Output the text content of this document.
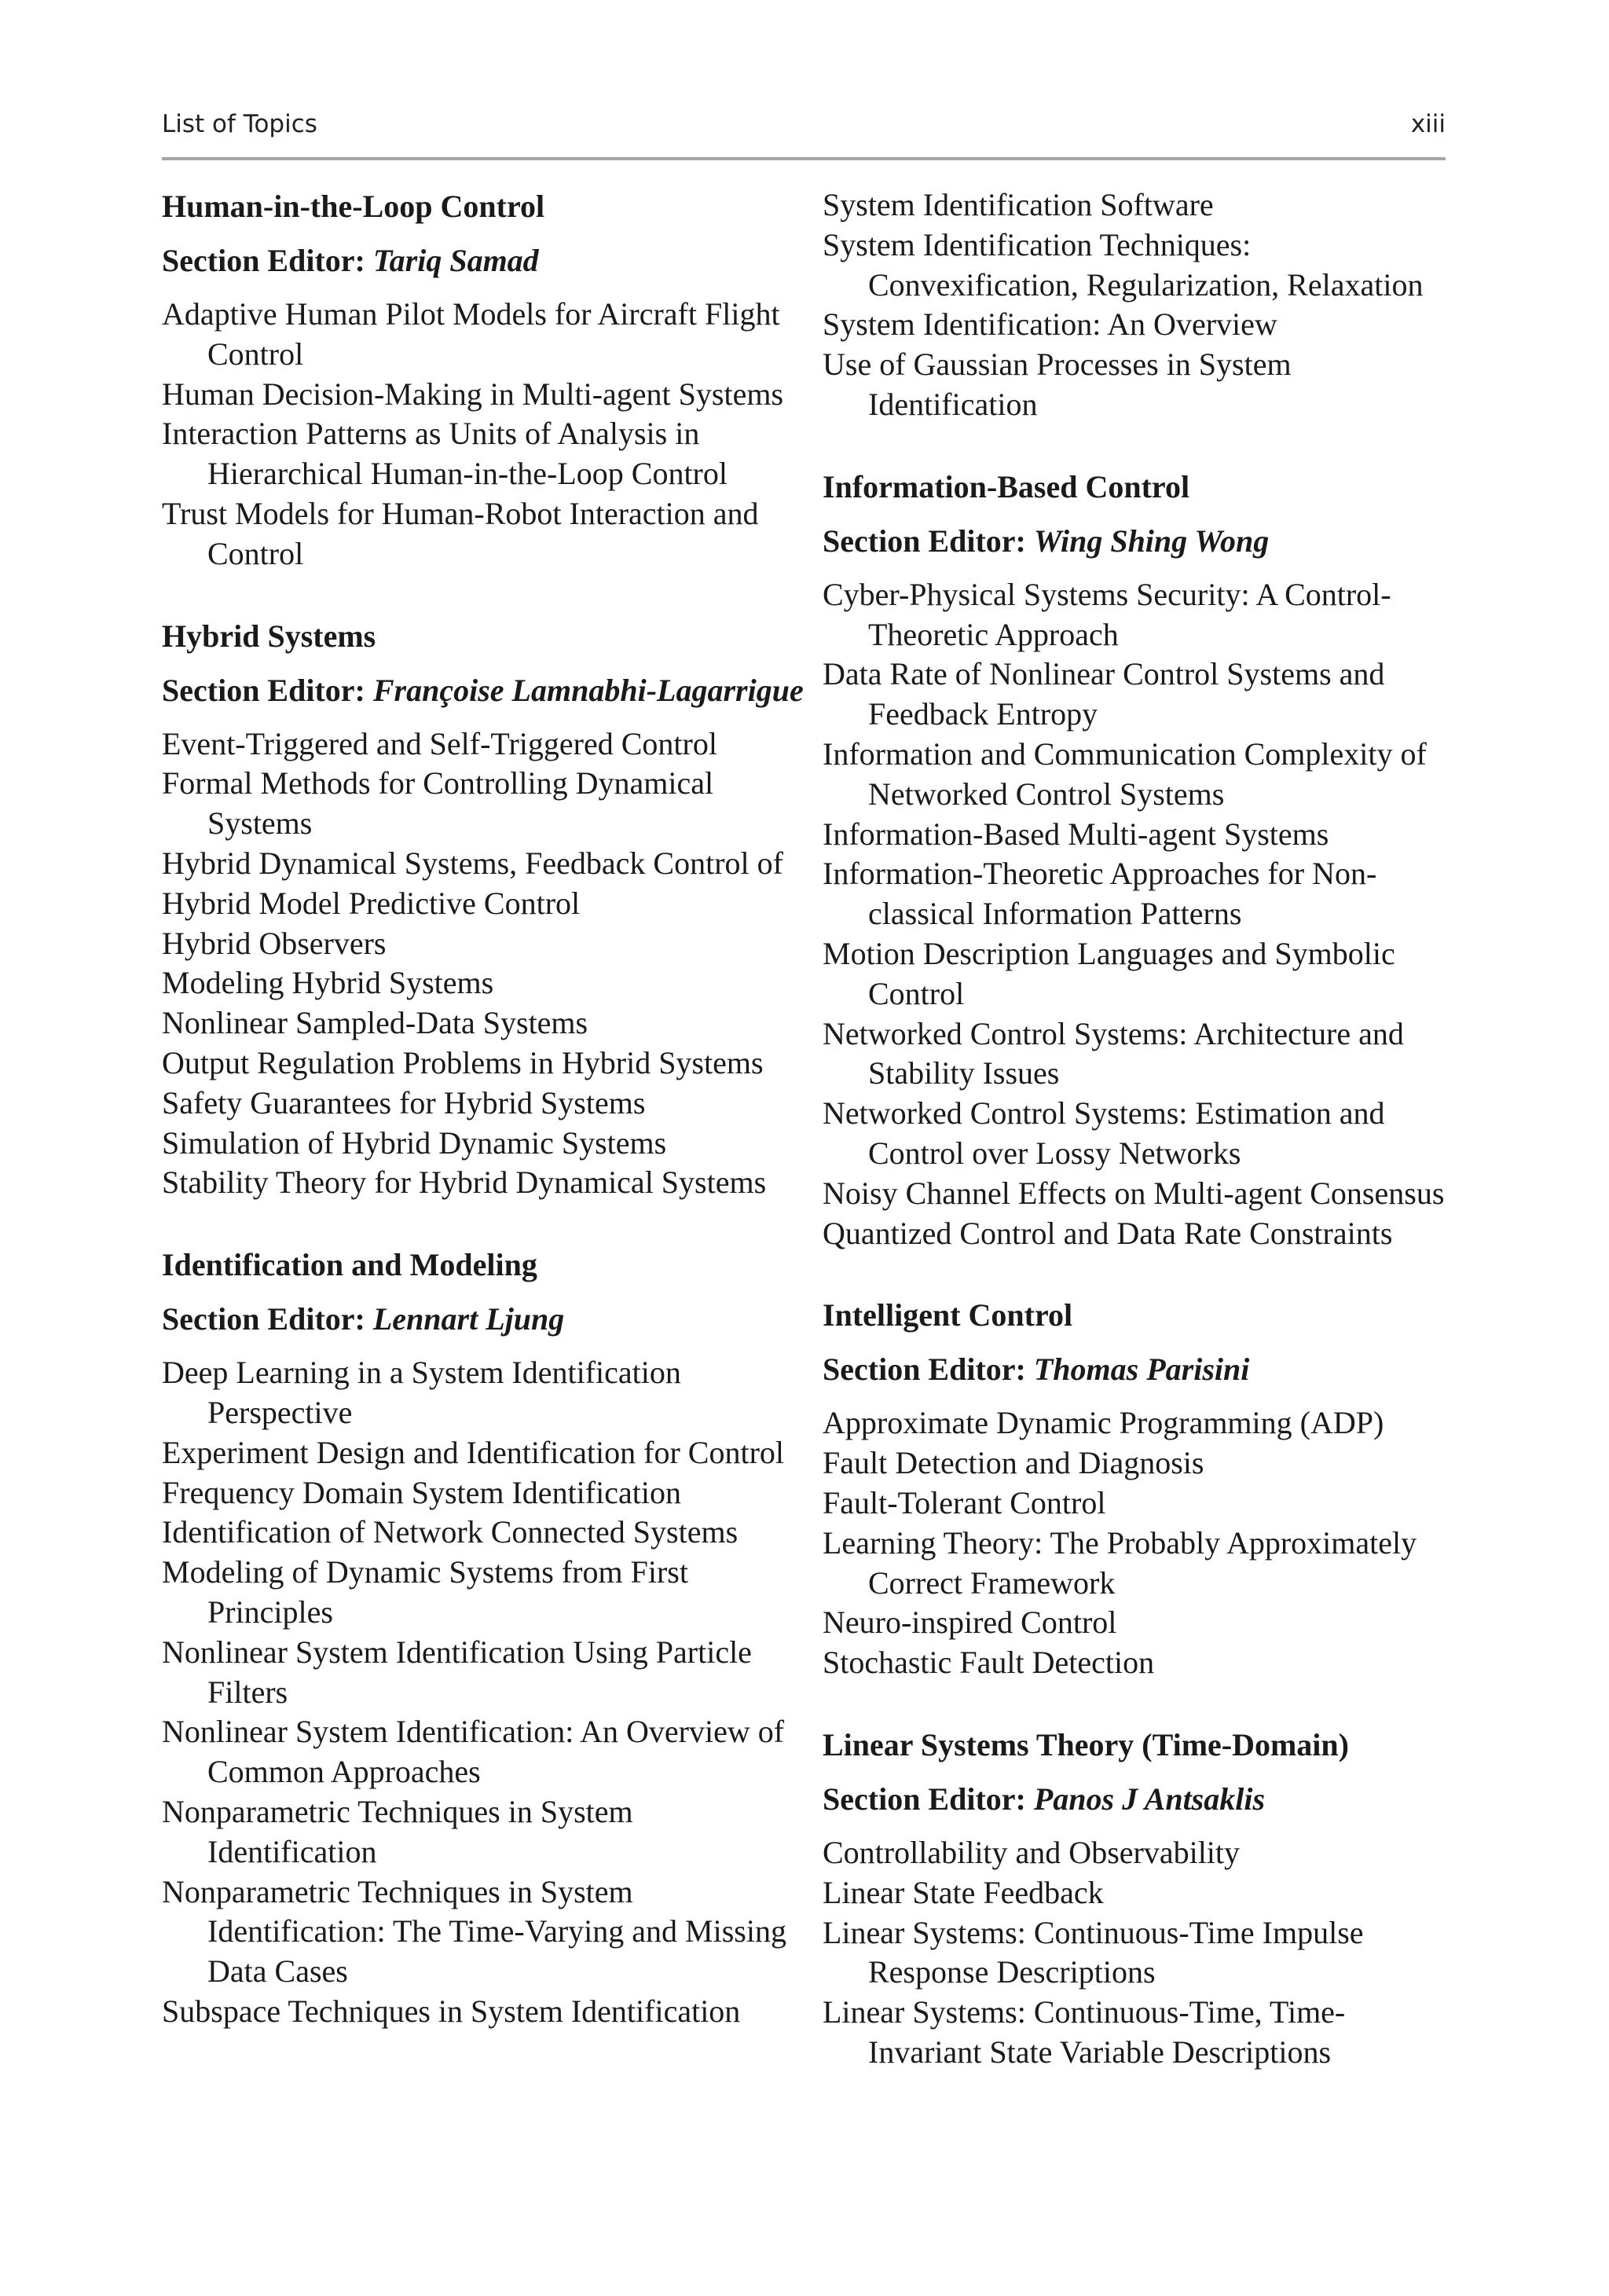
List of Topics	xiii
Human-in-the-Loop Control
Section Editor: Tariq Samad
Adaptive Human Pilot Models for Aircraft Flight Control
Human Decision-Making in Multi-agent Systems
Interaction Patterns as Units of Analysis in Hierarchical Human-in-the-Loop Control
Trust Models for Human-Robot Interaction and Control
Hybrid Systems
Section Editor: Françoise Lamnabhi-Lagarrigue
Event-Triggered and Self-Triggered Control
Formal Methods for Controlling Dynamical Systems
Hybrid Dynamical Systems, Feedback Control of
Hybrid Model Predictive Control
Hybrid Observers
Modeling Hybrid Systems
Nonlinear Sampled-Data Systems
Output Regulation Problems in Hybrid Systems
Safety Guarantees for Hybrid Systems
Simulation of Hybrid Dynamic Systems
Stability Theory for Hybrid Dynamical Systems
Identification and Modeling
Section Editor: Lennart Ljung
Deep Learning in a System Identification Perspective
Experiment Design and Identification for Control
Frequency Domain System Identification
Identification of Network Connected Systems
Modeling of Dynamic Systems from First Principles
Nonlinear System Identification Using Particle Filters
Nonlinear System Identification: An Overview of Common Approaches
Nonparametric Techniques in System Identification
Nonparametric Techniques in System Identification: The Time-Varying and Missing Data Cases
Subspace Techniques in System Identification
System Identification Software
System Identification Techniques: Convexification, Regularization, Relaxation
System Identification: An Overview
Use of Gaussian Processes in System Identification
Information-Based Control
Section Editor: Wing Shing Wong
Cyber-Physical Systems Security: A Control-Theoretic Approach
Data Rate of Nonlinear Control Systems and Feedback Entropy
Information and Communication Complexity of Networked Control Systems
Information-Based Multi-agent Systems
Information-Theoretic Approaches for Non-classical Information Patterns
Motion Description Languages and Symbolic Control
Networked Control Systems: Architecture and Stability Issues
Networked Control Systems: Estimation and Control over Lossy Networks
Noisy Channel Effects on Multi-agent Consensus
Quantized Control and Data Rate Constraints
Intelligent Control
Section Editor: Thomas Parisini
Approximate Dynamic Programming (ADP)
Fault Detection and Diagnosis
Fault-Tolerant Control
Learning Theory: The Probably Approximately Correct Framework
Neuro-inspired Control
Stochastic Fault Detection
Linear Systems Theory (Time-Domain)
Section Editor: Panos J Antsaklis
Controllability and Observability
Linear State Feedback
Linear Systems: Continuous-Time Impulse Response Descriptions
Linear Systems: Continuous-Time, Time-Invariant State Variable Descriptions
